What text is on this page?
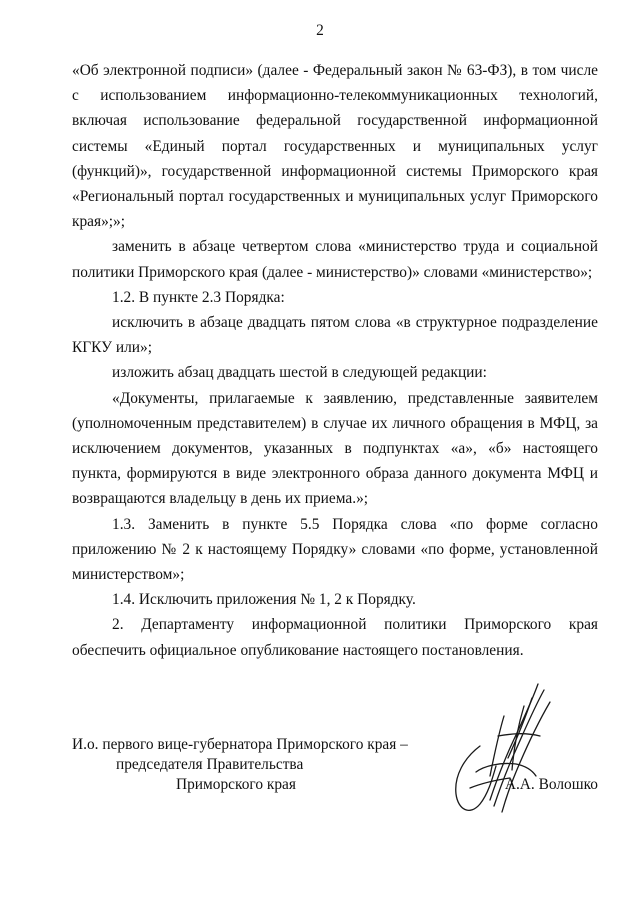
2

«Об электронной подписи» (далее - Федеральный закон № 63-ФЗ), в том числе с использованием информационно-телекоммуникационных технологий, включая использование федеральной государственной информационной системы «Единый портал государственных и муниципальных услуг (функций)», государственной информационной системы Приморского края «Региональный портал государственных и муниципальных услуг Приморского края»;»;

заменить в абзаце четвертом слова «министерство труда и социальной политики Приморского края (далее - министерство)» словами «министерство»;

1.2. В пункте 2.3 Порядка:

исключить в абзаце двадцать пятом слова «в структурное подразделение КГКУ или»;

изложить абзац двадцать шестой в следующей редакции:

«Документы, прилагаемые к заявлению, представленные заявителем (уполномоченным представителем) в случае их личного обращения в МФЦ, за исключением документов, указанных в подпунктах «а», «б» настоящего пункта, формируются в виде электронного образа данного документа МФЦ и возвращаются владельцу в день их приема.»;

1.3. Заменить в пункте 5.5 Порядка слова «по форме согласно приложению № 2 к настоящему Порядку» словами «по форме, установленной министерством»;

1.4. Исключить приложения № 1, 2 к Порядку.

2. Департаменту информационной политики Приморского края обеспечить официальное опубликование настоящего постановления.

И.о. первого вице-губернатора Приморского края –
председателя Правительства
Приморского края	А.А. Волошко
